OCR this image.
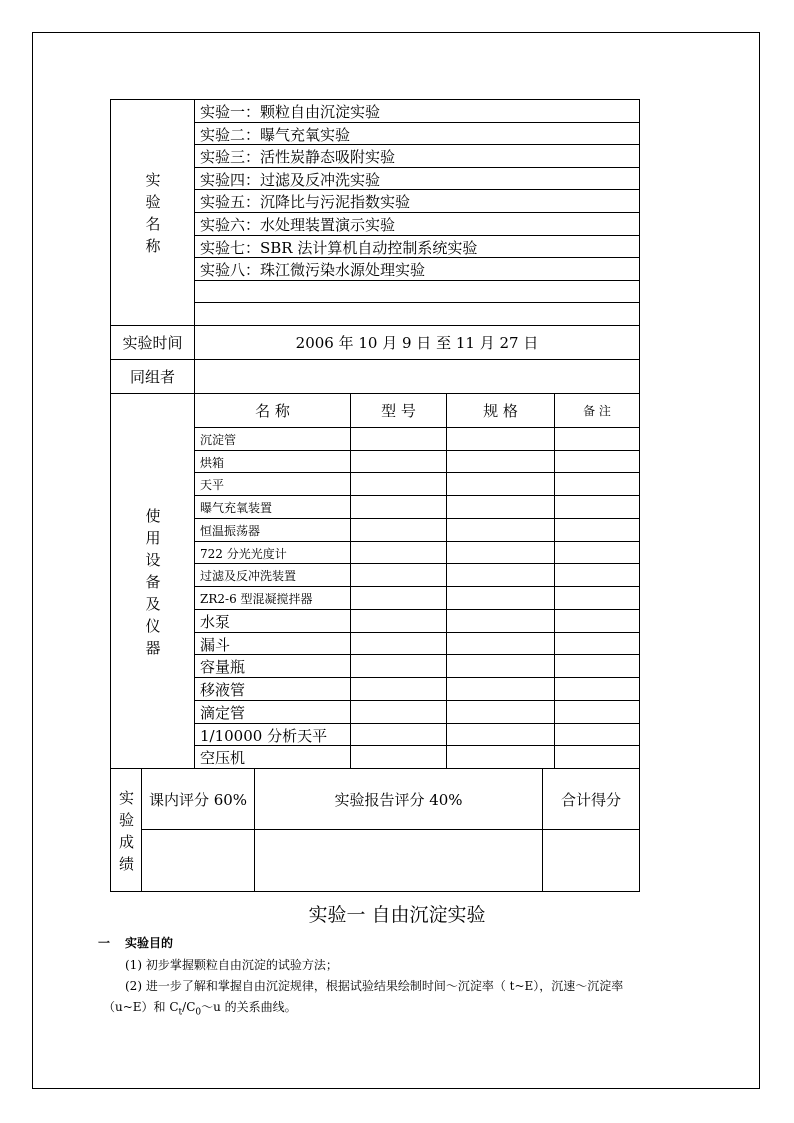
实
验
名
称
实验一：颗粒自由沉淀实验
实验二：曝气充氧实验
实验三：活性炭静态吸附实验
实验四：过滤及反冲洗实验
实验五：沉降比与污泥指数实验
实验六：水处理装置演示实验
实验七：SBR 法计算机自动控制系统实验
实验八：珠江微污染水源处理实验
实验时间	2006 年 10 月 9 日 至 11 月 27 日
同组者
使
用
设
备
及
仪
器
名 称	型 号	规 格	备 注
沉淀管
烘箱
天平
曝气充氧装置
恒温振荡器
722 分光光度计
过滤及反冲洗装置
ZR2-6 型混凝搅拌器
水泵
漏斗
容量瓶
移液管
滴定管
1/10000 分析天平
空压机
实
验
成
绩
课内评分 60%	实验报告评分 40%	合计得分
实验一 自由沉淀实验
一 实验目的
(1) 初步掌握颗粒自由沉淀的试验方法；
(2) 进一步了解和掌握自由沉淀规律，根据试验结果绘制时间～沉淀率（ t~E），沉速～沉淀率
（u~E）和 $C_t/C_0\sim u$ 的关系曲线。
